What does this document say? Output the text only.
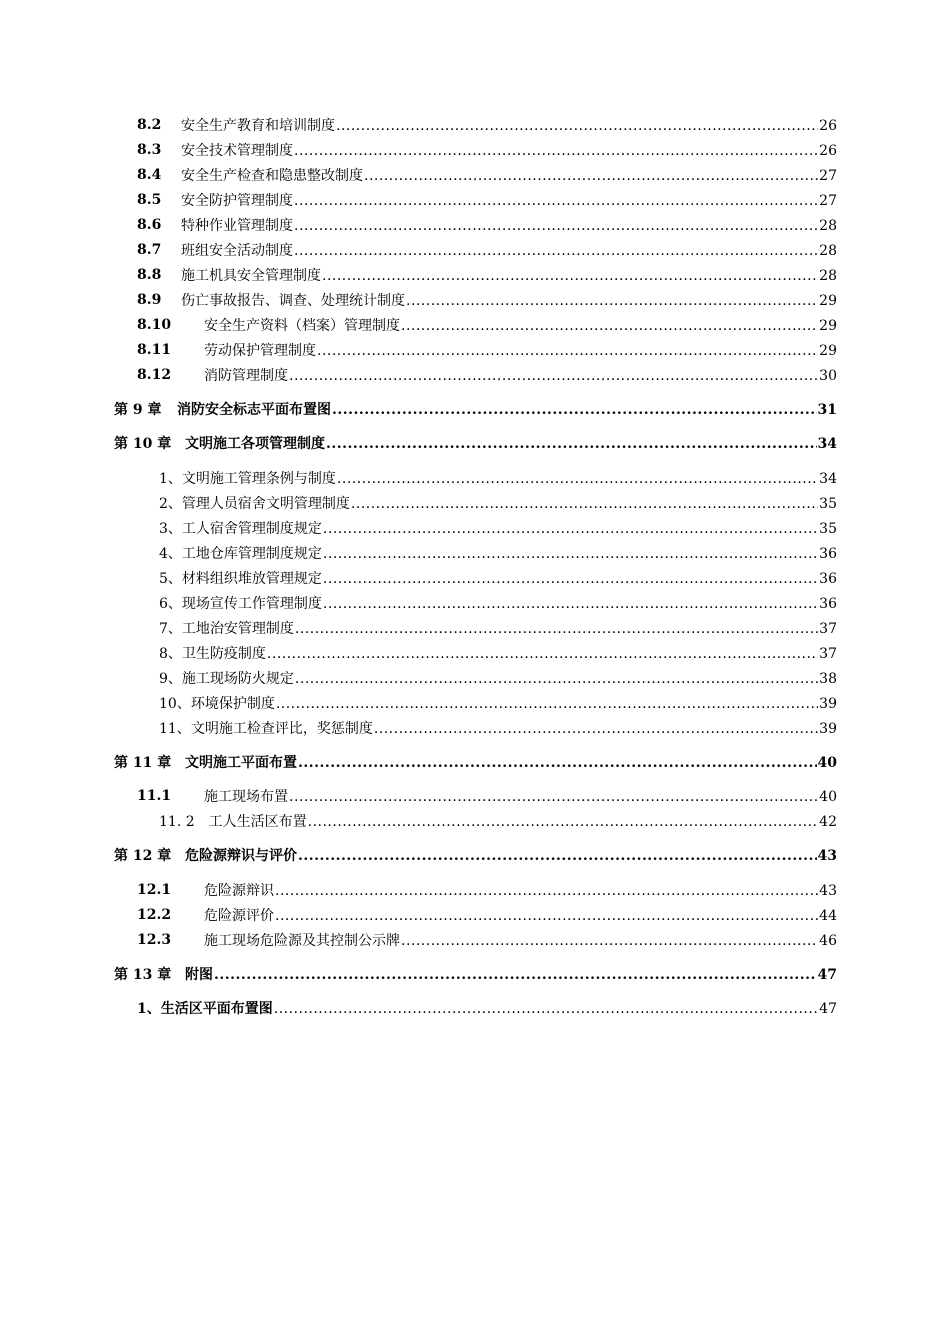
8.2 安全生产教育和培训制度 .....	26
8.3 安全技术管理制度 .....	26
8.4 安全生产检查和隐患整改制度 .....	27
8.5 安全防护管理制度 .....	27
8.6 特种作业管理制度 .....	28
8.7 班组安全活动制度 .....	28
8.8 施工机具安全管理制度 .....	28
8.9 伤亡事故报告、调查、处理统计制度 .....	29
8.10 安全生产资料（档案）管理制度 .....	29
8.11 劳动保护管理制度 .....	29
8.12 消防管理制度 .....	30
第 9 章 消防安全标志平面布置图 .....	31
第 10 章 文明施工各项管理制度 .....	34
1、文明施工管理条例与制度 .....	34
2、管理人员宿舍文明管理制度 .....	35
3、工人宿舍管理制度规定 .....	35
4、工地仓库管理制度规定 .....	36
5、材料组织堆放管理规定 .....	36
6、现场宣传工作管理制度 .....	36
7、工地治安管理制度 .....	37
8、卫生防疫制度 .....	37
9、施工现场防火规定 .....	38
10、环境保护制度 .....	39
11、文明施工检查评比，奖惩制度 .....	39
第 11 章 文明施工平面布置 .....	40
11.1 施工现场布置 .....	40
11. 2　工人生活区布置 .....	42
第 12 章 危险源辩识与评价 .....	43
12.1 危险源辩识 .....	43
12.2 危险源评价 .....	44
12.3 施工现场危险源及其控制公示牌 .....	46
第 13 章 附图 .....	47
1、生活区平面布置图 .....	47
